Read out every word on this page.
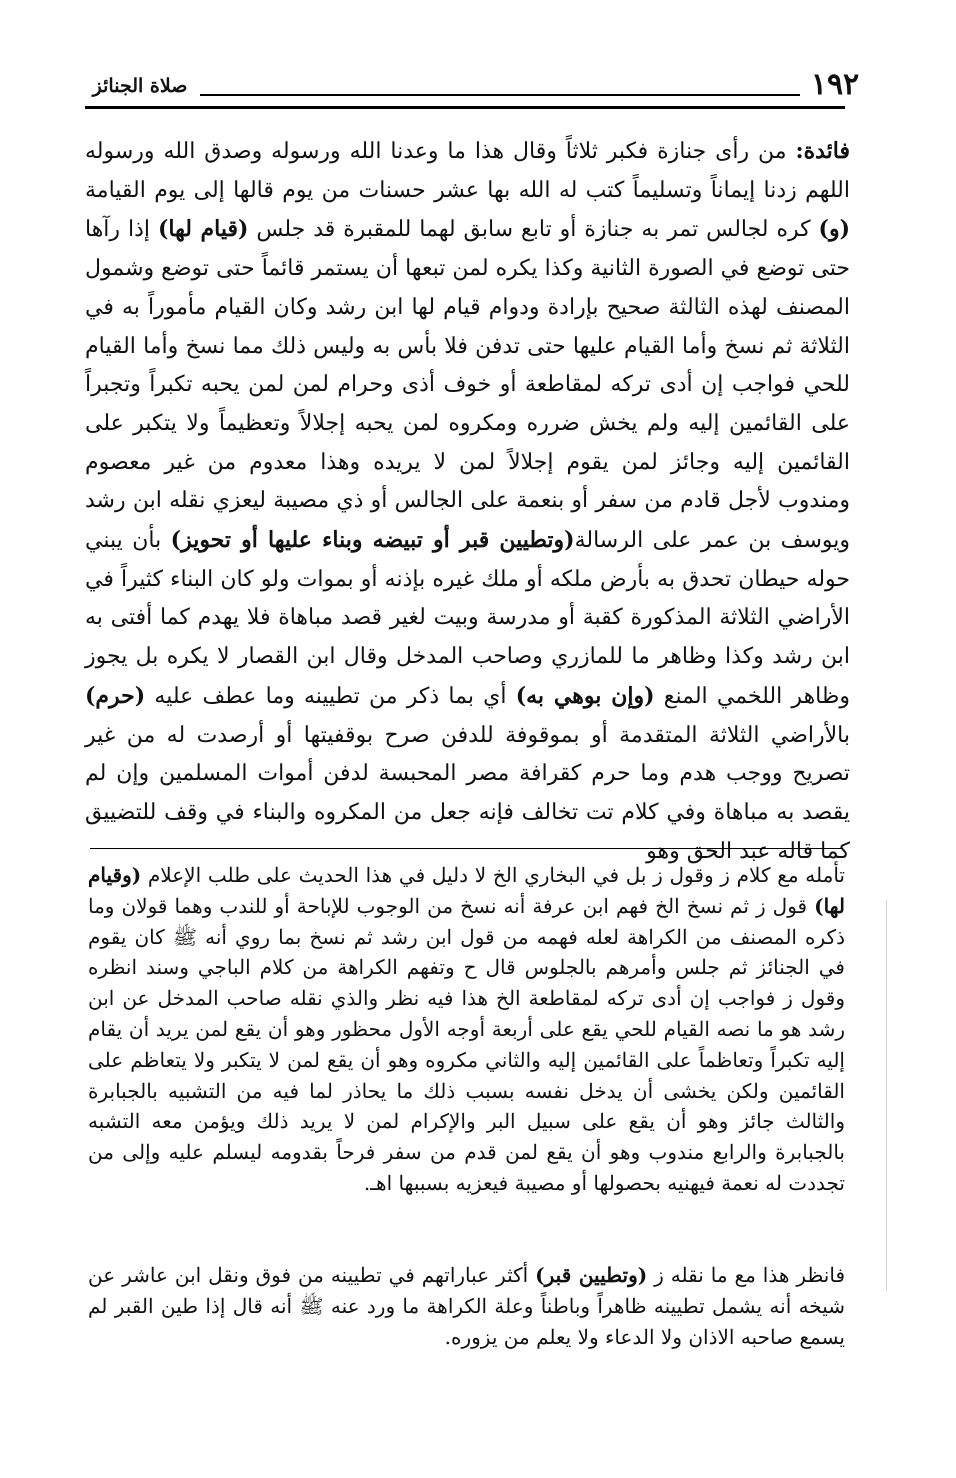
١٩٢
صلاة الجنائز

فائدة: من رأى جنازة فكبر ثلاثاً وقال هذا ما وعدنا الله ورسوله وصدق الله ورسوله اللهم زدنا إيماناً وتسليماً كتب له الله بها عشر حسنات من يوم قالها إلى يوم القيامة (و) كره لجالس تمر به جنازة أو تابع سابق لهما للمقبرة قد جلس (قيام لها) إذا رآها حتى توضع في الصورة الثانية وكذا يكره لمن تبعها أن يستمر قائماً حتى توضع وشمول المصنف لهذه الثالثة صحيح بإرادة ودوام قيام لها ابن رشد وكان القيام مأموراً به في الثلاثة ثم نسخ وأما القيام عليها حتى تدفن فلا بأس به وليس ذلك مما نسخ وأما القيام للحي فواجب إن أدى تركه لمقاطعة أو خوف أذى وحرام لمن لمن يحبه تكبراً وتجبراً على القائمين إليه ولم يخش ضرره ومكروه لمن يحبه إجلالاً وتعظيماً ولا يتكبر على القائمين إليه وجائز لمن يقوم إجلالاً لمن لا يريده وهذا معدوم من غير معصوم ومندوب لأجل قادم من سفر أو بنعمة على الجالس أو ذي مصيبة ليعزي نقله ابن رشد ويوسف بن عمر على الرسالة(وتطيين قبر أو تبيضه وبناء عليها أو تحويز) بأن يبني حوله حيطان تحدق به بأرض ملكه أو ملك غيره بإذنه أو بموات ولو كان البناء كثيراً في الأراضي الثلاثة المذكورة كقبة أو مدرسة وبيت لغير قصد مباهاة فلا يهدم كما أفتى به ابن رشد وكذا وظاهر ما للمازري وصاحب المدخل وقال ابن القصار لا يكره بل يجوز وظاهر اللخمي المنع (وإن بوهي به) أي بما ذكر من تطيينه وما عطف عليه (حرم) بالأراضي الثلاثة المتقدمة أو بموقوفة للدفن صرح بوقفيتها أو أرصدت له من غير تصريح ووجب هدم وما حرم كقرافة مصر المحبسة لدفن أموات المسلمين وإن لم يقصد به مباهاة وفي كلام تت تخالف فإنه جعل من المكروه والبناء في وقف للتضييق كما قاله عبد الحق وهو

تأمله مع كلام ز وقول ز بل في البخاري الخ لا دليل في هذا الحديث على طلب الإعلام (وقيام لها) قول ز ثم نسخ الخ فهم ابن عرفة أنه نسخ من الوجوب للإباحة أو للندب وهما قولان وما ذكره المصنف من الكراهة لعله فهمه من قول ابن رشد ثم نسخ بما روي أنه ﷺ كان يقوم في الجنائز ثم جلس وأمرهم بالجلوس قال ح وتفهم الكراهة من كلام الباجي وسند انظره وقول ز فواجب إن أدى تركه لمقاطعة الخ هذا فيه نظر والذي نقله صاحب المدخل عن ابن رشد هو ما نصه القيام للحي يقع على أربعة أوجه الأول محظور وهو أن يقع لمن يريد أن يقام إليه تكبراً وتعاظماً على القائمين إليه والثاني مكروه وهو أن يقع لمن لا يتكبر ولا يتعاظم على القائمين ولكن يخشى أن يدخل نفسه بسبب ذلك ما يحاذر لما فيه من التشبيه بالجبابرة والثالث جائز وهو أن يقع على سبيل البر والإكرام لمن لا يريد ذلك ويؤمن معه التشبه بالجبابرة والرابع مندوب وهو أن يقع لمن قدم من سفر فرحاً بقدومه ليسلم عليه وإلى من تجددت له نعمة فيهنيه بحصولها أو مصيبة فيعزيه بسببها اهـ.

فانظر هذا مع ما نقله ز (وتطيين قبر) أكثر عباراتهم في تطيينه من فوق ونقل ابن عاشر عن شيخه أنه يشمل تطيينه ظاهراً وباطناً وعلة الكراهة ما ورد عنه ﷺ أنه قال إذا طين القبر لم يسمع صاحبه الاذان ولا الدعاء ولا يعلم من يزوره.
